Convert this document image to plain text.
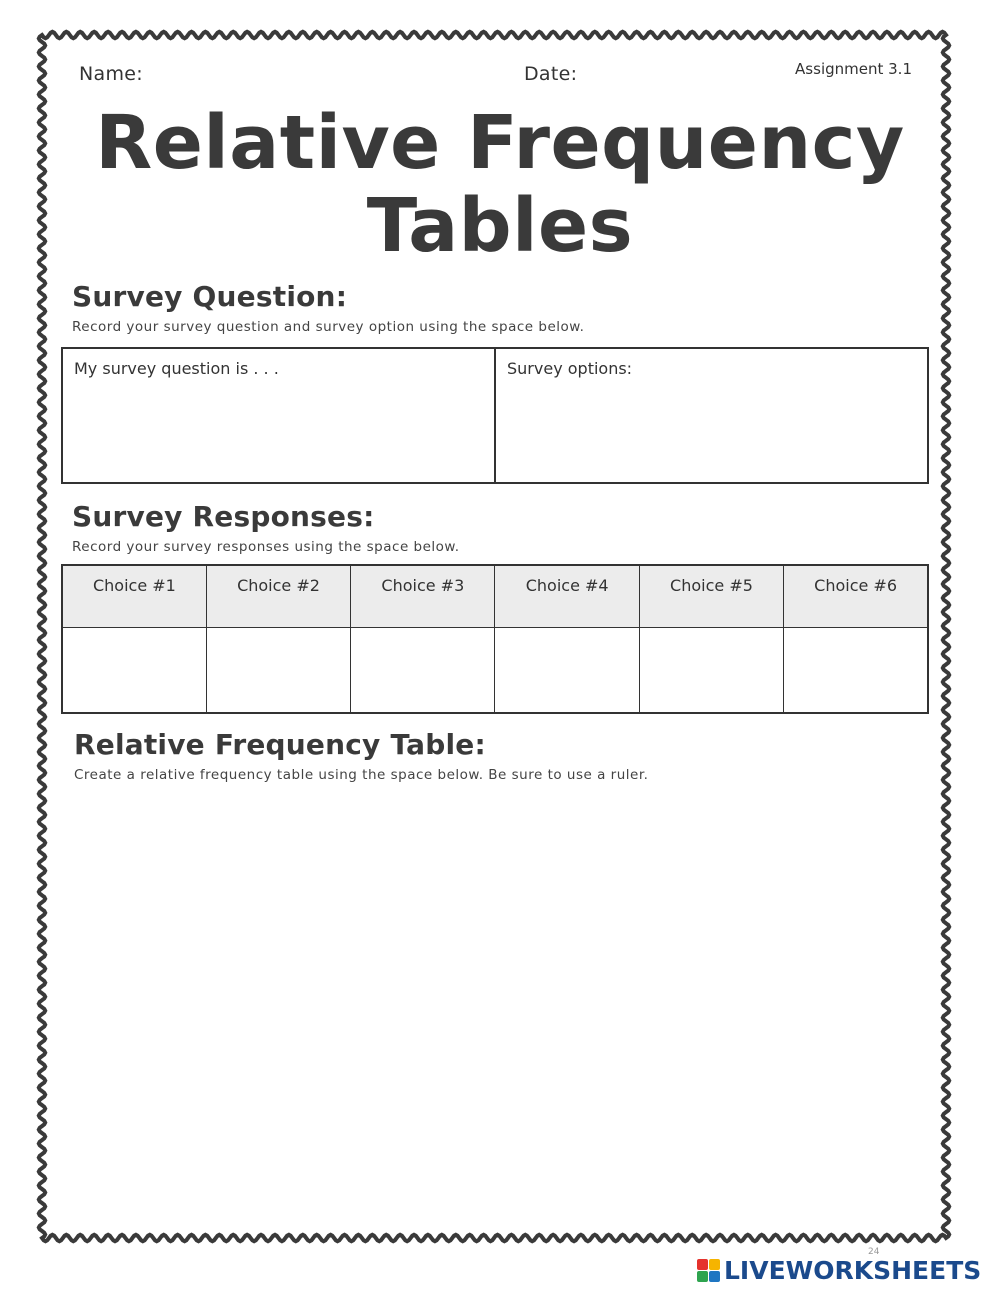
Name:	Date:	Assignment 3.1
Relative Frequency
Tables
Survey Question:
Record your survey question and survey option using the space below.
My survey question is . . .	Survey options:
Survey Responses:
Record your survey responses using the space below.
Choice #1	Choice #2	Choice #3	Choice #4	Choice #5	Choice #6

Relative Frequency Table:
Create a relative frequency table using the space below. Be sure to use a ruler.
24
LIVEWORKSHEETS
